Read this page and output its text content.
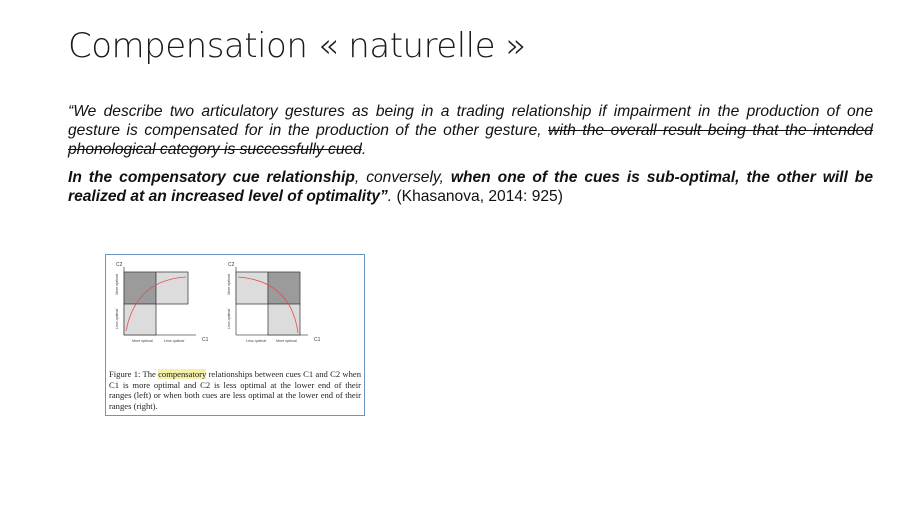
Compensation « naturelle »

“We describe two articulatory gestures as being in a trading relationship if impairment in the production of one gesture is compensated for in the production of the other gesture, with the overall result being that the intended phonological category is successfully cued.

In the compensatory cue relationship, conversely, when one of the cues is sub-optimal, the other will be realized at an increased level of optimality”. (Khasanova, 2014: 925)

C2
C1
More optimal
Less optimal
More optimal	Less optimal
C2
C1
More optimal
Less optimal
Less optimal	More optimal
Figure 1: The compensatory relationships between cues C1 and C2 when C1 is more optimal and C2 is less optimal at the lower end of their ranges (left) or when both cues are less optimal at the lower end of their ranges (right).
